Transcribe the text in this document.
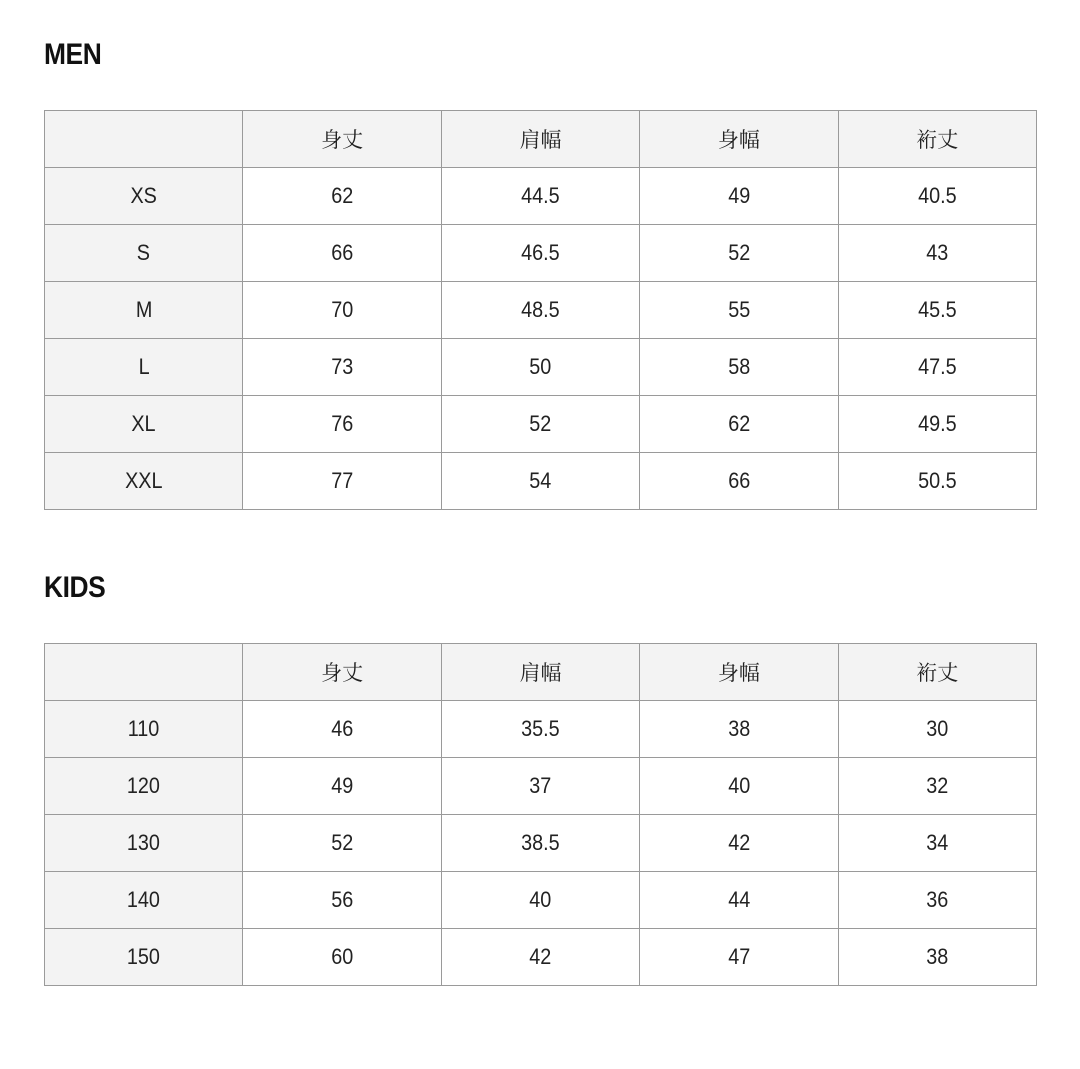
MEN
	身丈	肩幅	身幅	裄丈
XS	62	44.5	49	40.5
S	66	46.5	52	43
M	70	48.5	55	45.5
L	73	50	58	47.5
XL	76	52	62	49.5
XXL	77	54	66	50.5
KIDS
	身丈	肩幅	身幅	裄丈
110	46	35.5	38	30
120	49	37	40	32
130	52	38.5	42	34
140	56	40	44	36
150	60	42	47	38
